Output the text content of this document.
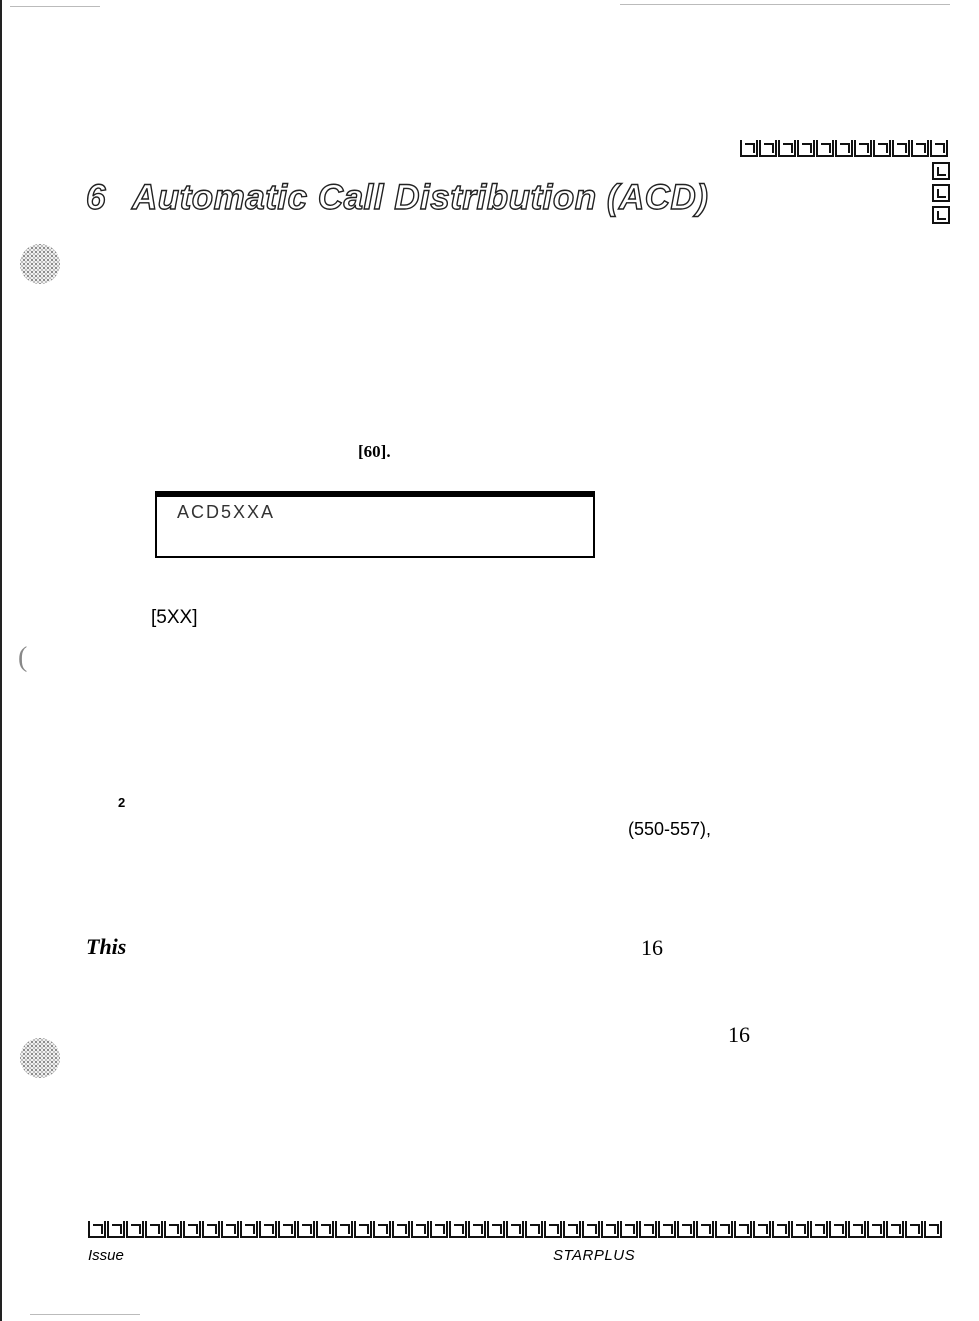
6 Automatic Call Distribution (ACD)
[60].
ACD5XXA
[5XX]
(
2
(550-557),
This	16
16
Issue	STARPLUS
